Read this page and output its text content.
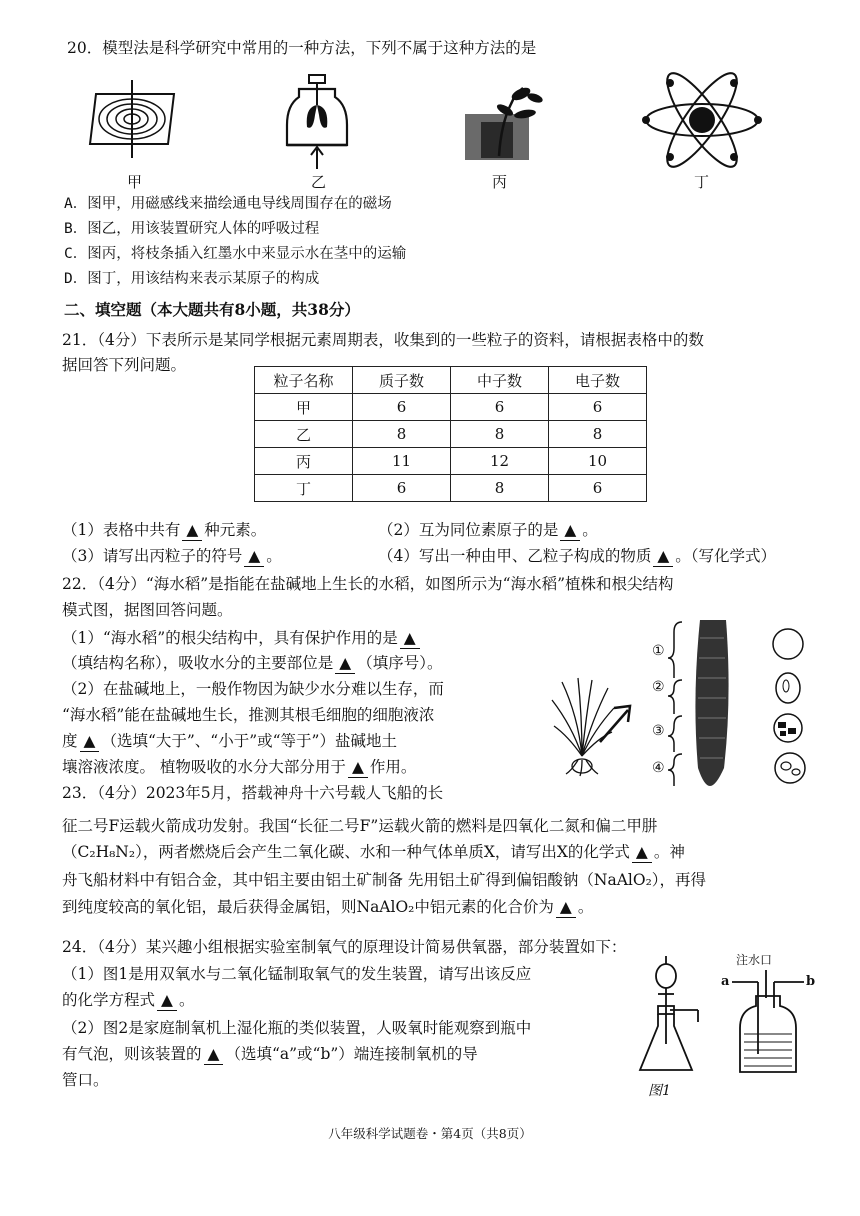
20．模型法是科学研究中常用的一种方法，下列不属于这种方法的是
甲	乙	丙	丁
A．图甲，用磁感线来描绘通电导线周围存在的磁场
B．图乙，用该装置研究人体的呼吸过程
C．图丙，将枝条插入红墨水中来显示水在茎中的运输
D．图丁，用该结构来表示某原子的构成
二、填空题（本大题共有8小题，共38分）
21．（4分）下表所示是某同学根据元素周期表，收集到的一些粒子的资料，请根据表格中的数
据回答下列问题。
粒子名称	质子数	中子数	电子数
甲	6	6	6
乙	8	8	8
丙	11	12	10
丁	6	8	6
（1）表格中共有 ▲ 种元素。	（2）互为同位素原子的是 ▲ 。
（3）请写出丙粒子的符号 ▲ 。	（4）写出一种由甲、乙粒子构成的物质 ▲ 。（写化学式）
22．（4分）“海水稻”是指能在盐碱地上生长的水稻，如图所示为“海水稻”植株和根尖结构
模式图，据图回答问题。
（1）“海水稻”的根尖结构中，具有保护作用的是 ▲
（填结构名称），吸收水分的主要部位是 ▲ （填序号）。
（2）在盐碱地上，一般作物因为缺少水分难以生存，而
“海水稻”能在盐碱地生长，推测其根毛细胞的细胞液浓
度 ▲ （选填“大于”、“小于”或“等于”）盐碱地土
壤溶液浓度。 植物吸收的水分大部分用于 ▲ 作用。
①
②
③
④
23．（4分）2023年5月，搭载神舟十六号载人飞船的长
征二号F运载火箭成功发射。我国“长征二号F”运载火箭的燃料是四氧化二氮和偏二甲肼
（C₂H₈N₂），两者燃烧后会产生二氧化碳、水和一种气体单质X，请写出X的化学式 ▲ 。神
舟飞船材料中有铝合金，其中铝主要由铝土矿制备 先用铝土矿得到偏铝酸钠（NaAlO₂），再得
到纯度较高的氧化铝，最后获得金属铝，则NaAlO₂中铝元素的化合价为 ▲ 。
24．（4分）某兴趣小组根据实验室制氧气的原理设计简易供氧器，部分装置如下：
（1）图1是用双氧水与二氧化锰制取氧气的发生装置，请写出该反应
的化学方程式 ▲ 。
（2）图2是家庭制氧机上湿化瓶的类似装置，人吸氧时能观察到瓶中
有气泡，则该装置的 ▲ （选填“a”或“b”）端连接制氧机的导
管口。
图1
注水口
a	b
八年级科学试题卷・第4页（共8页）
